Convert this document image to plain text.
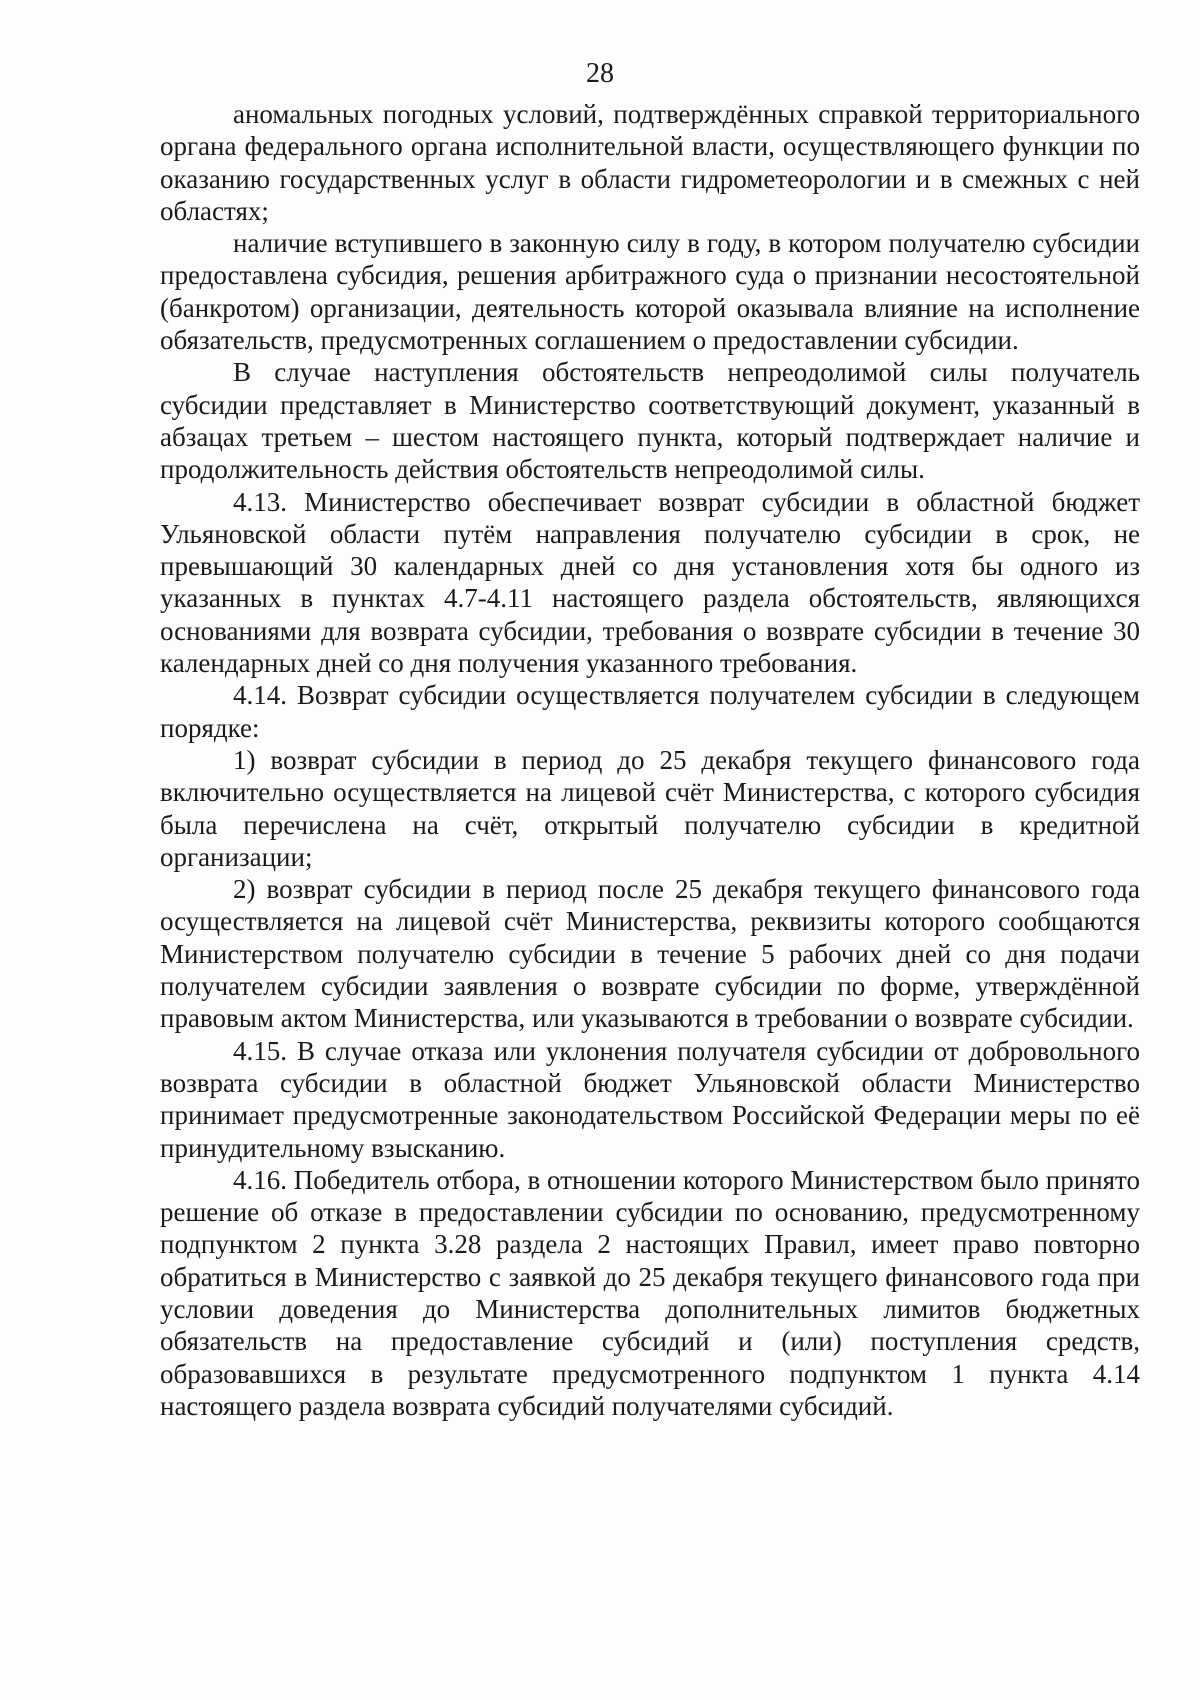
28

аномальных погодных условий, подтверждённых справкой территориального органа федерального органа исполнительной власти, осуществляющего функции по оказанию государственных услуг в области гидрометеорологии и в смежных с ней областях;

наличие вступившего в законную силу в году, в котором получателю субсидии предоставлена субсидия, решения арбитражного суда о признании несостоятельной (банкротом) организации, деятельность которой оказывала влияние на исполнение обязательств, предусмотренных соглашением о предоставлении субсидии.

В случае наступления обстоятельств непреодолимой силы получатель субсидии представляет в Министерство соответствующий документ, указанный в абзацах третьем – шестом настоящего пункта, который подтверждает наличие и продолжительность действия обстоятельств непреодолимой силы.

4.13. Министерство обеспечивает возврат субсидии в областной бюджет Ульяновской области путём направления получателю субсидии в срок, не превышающий 30 календарных дней со дня установления хотя бы одного из указанных в пунктах 4.7-4.11 настоящего раздела обстоятельств, являющихся основаниями для возврата субсидии, требования о возврате субсидии в течение 30 календарных дней со дня получения указанного требования.

4.14. Возврат субсидии осуществляется получателем субсидии в следующем порядке:

1) возврат субсидии в период до 25 декабря текущего финансового года включительно осуществляется на лицевой счёт Министерства, с которого субсидия была перечислена на счёт, открытый получателю субсидии в кредитной организации;

2) возврат субсидии в период после 25 декабря текущего финансового года осуществляется на лицевой счёт Министерства, реквизиты которого сообщаются Министерством получателю субсидии в течение 5 рабочих дней со дня подачи получателем субсидии заявления о возврате субсидии по форме, утверждённой правовым актом Министерства, или указываются в требовании о возврате субсидии.

4.15. В случае отказа или уклонения получателя субсидии от добровольного возврата субсидии в областной бюджет Ульяновской области Министерство принимает предусмотренные законодательством Российской Федерации меры по её принудительному взысканию.

4.16. Победитель отбора, в отношении которого Министерством было принято решение об отказе в предоставлении субсидии по основанию, предусмотренному подпунктом 2 пункта 3.28 раздела 2 настоящих Правил, имеет право повторно обратиться в Министерство с заявкой до 25 декабря текущего финансового года при условии доведения до Министерства дополнительных лимитов бюджетных обязательств на предоставление субсидий и (или) поступления средств, образовавшихся в результате предусмотренного подпунктом 1 пункта 4.14 настоящего раздела возврата субсидий получателями субсидий.
